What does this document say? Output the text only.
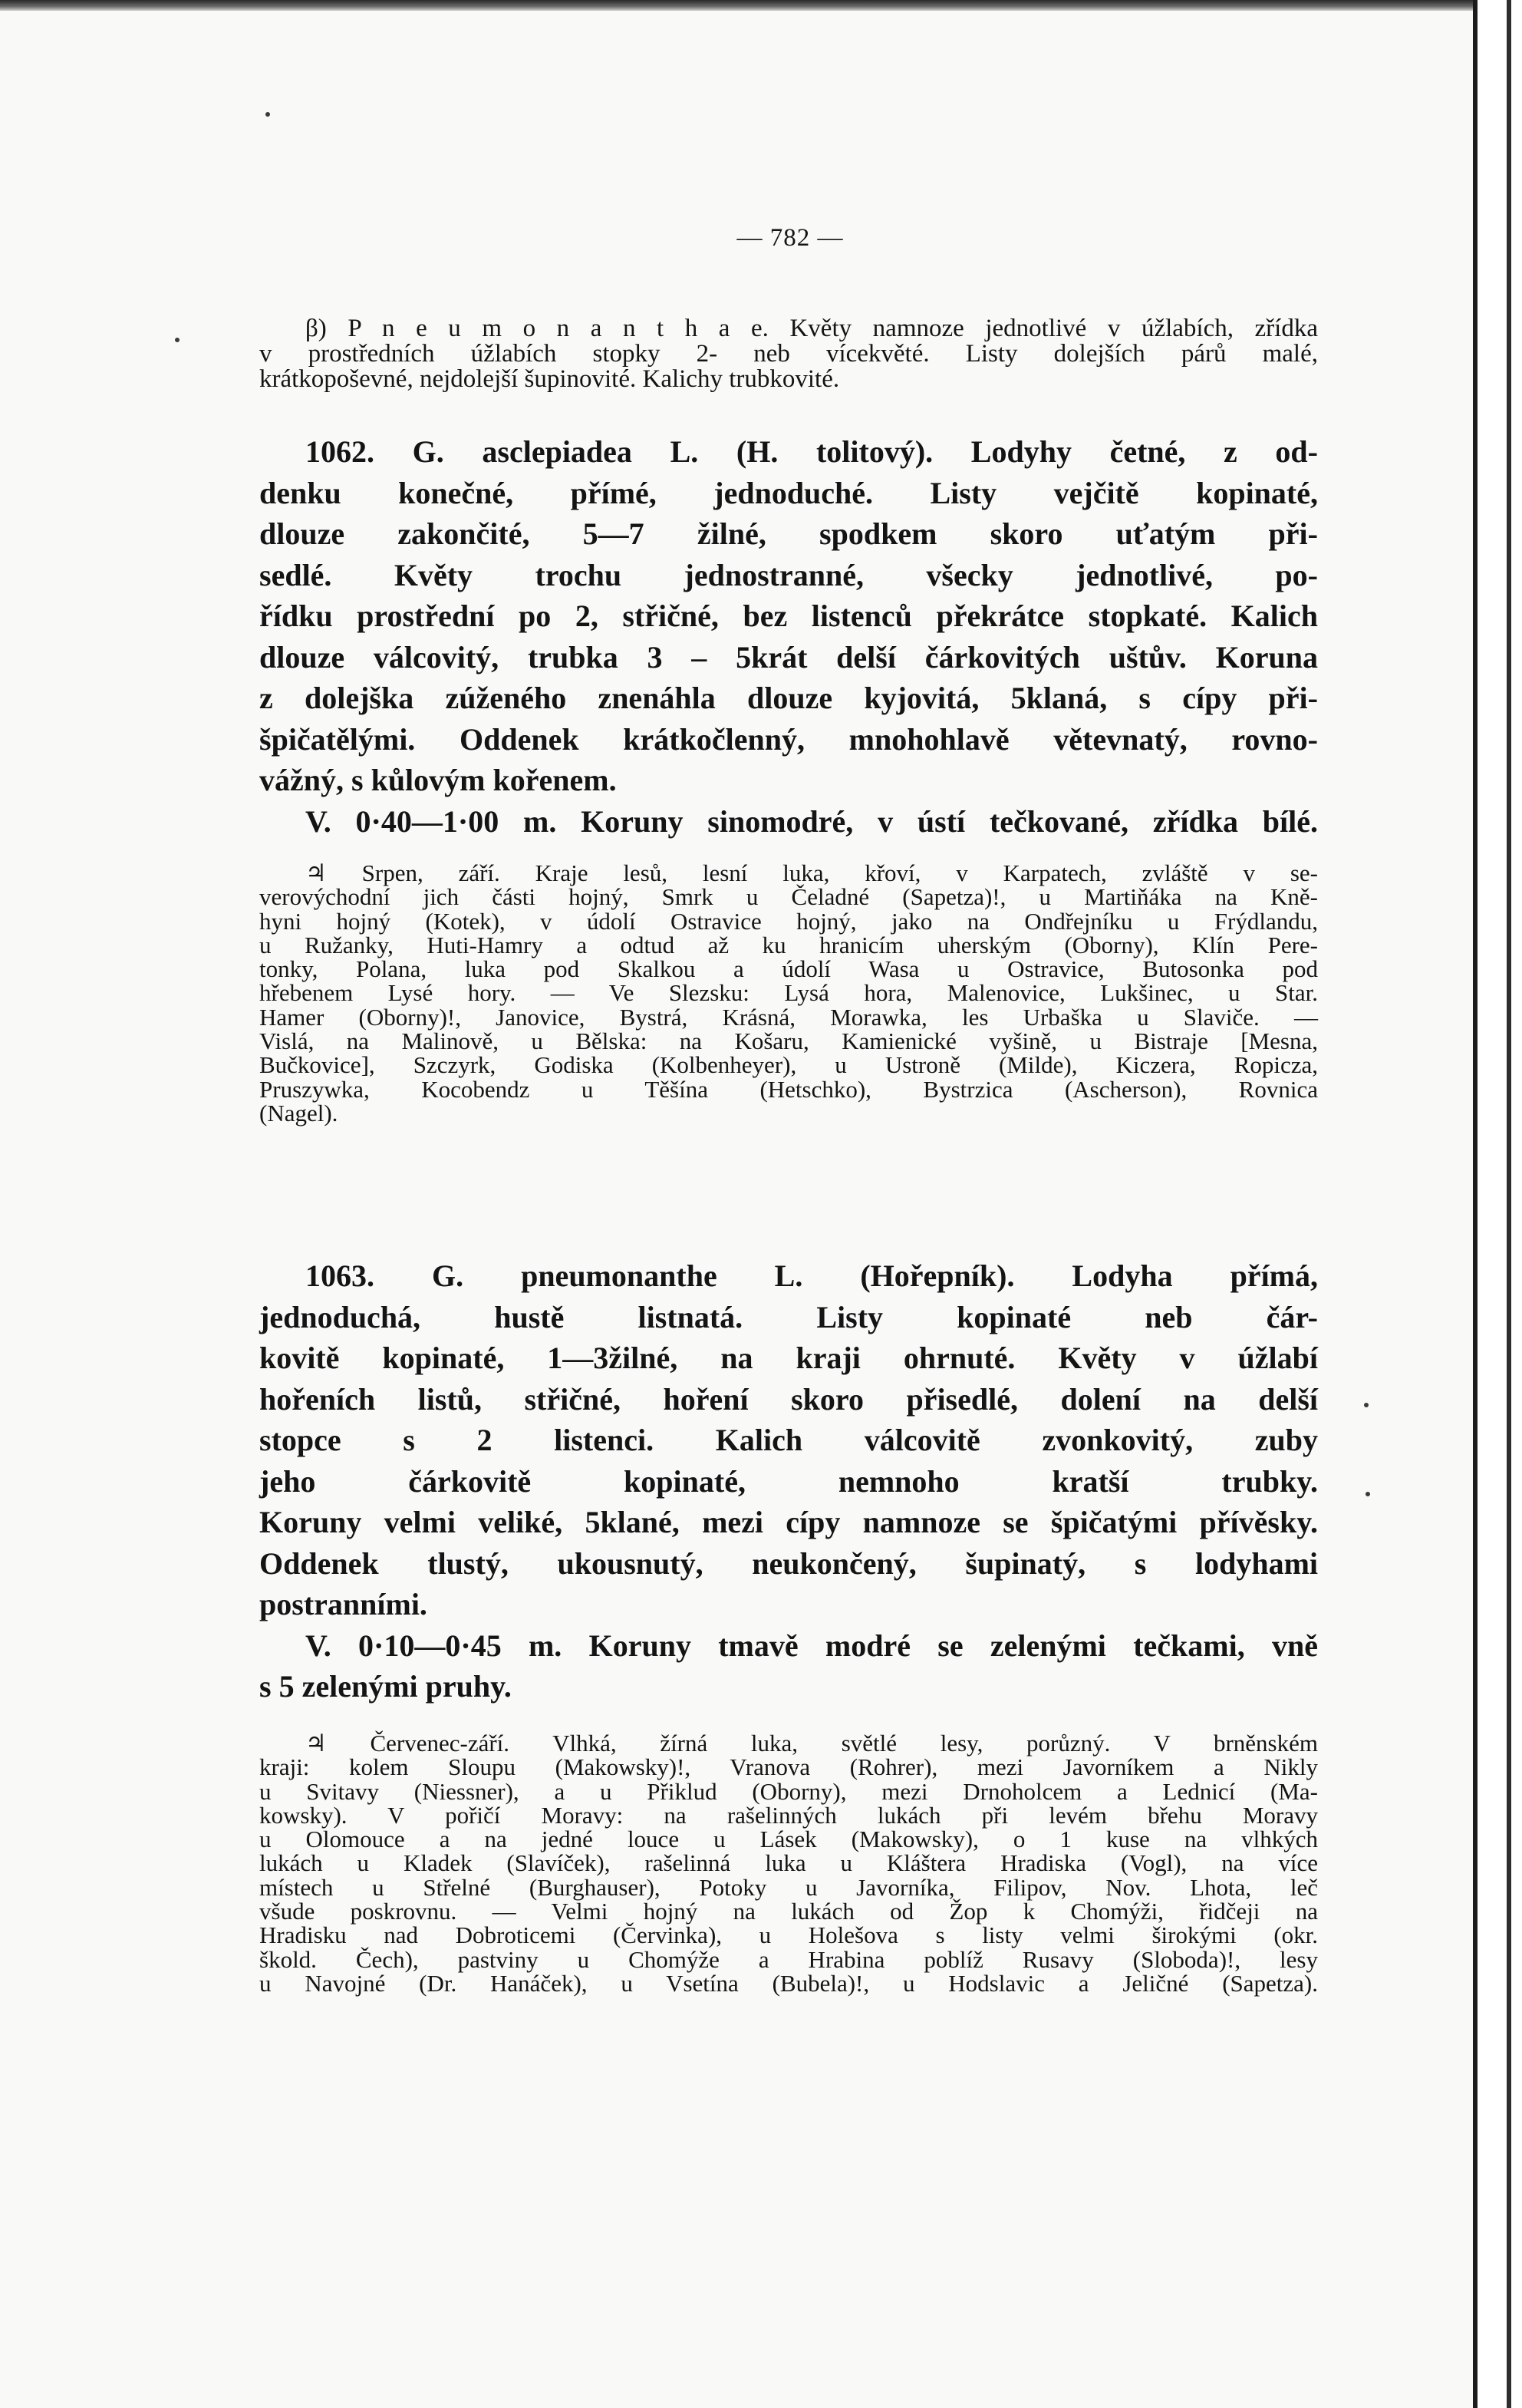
— 782 —
β) P n e u m o n a n t h a e. Květy namnoze jednotlivé v úžlabích, zřídka
v prostředních úžlabích stopky 2- neb vícekvěté. Listy dolejších párů malé,
krátkopoševné, nejdolejší šupinovité. Kalichy trubkovité.
1062. G. asclepiadea L. (H. tolitový). Lodyhy četné, z od-
denku konečné, přímé, jednoduché. Listy vejčitě kopinaté,
dlouze zakončité, 5—7 žilné, spodkem skoro uťatým při-
sedlé. Květy trochu jednostranné, všecky jednotlivé, po-
řídku prostřední po 2, střičné, bez listenců překrátce stopkaté. Kalich
dlouze válcovitý, trubka 3 – 5krát delší čárkovitých uštův. Koruna
z dolejška zúženého znenáhla dlouze kyjovitá, 5klaná, s cípy při-
špičatělými. Oddenek krátkočlenný, mnohohlavě větevnatý, rovno-
vážný, s kůlovým kořenem.
V. 0·40—1·00 m. Koruny sinomodré, v ústí tečkované, zřídka bílé.
♃ Srpen, září. Kraje lesů, lesní luka, křoví, v Karpatech, zvláště v se-
verovýchodní jich části hojný, Smrk u Čeladné (Sapetza)!, u Martiňáka na Kně-
hyni hojný (Kotek), v údolí Ostravice hojný, jako na Ondřejníku u Frýdlandu,
u Ružanky, Huti-Hamry a odtud až ku hranicím uherským (Oborny), Klín Pere-
tonky, Polana, luka pod Skalkou a údolí Wasa u Ostravice, Butosonka pod
hřebenem Lysé hory. — Ve Slezsku: Lysá hora, Malenovice, Lukšinec, u Star.
Hamer (Oborny)!, Janovice, Bystrá, Krásná, Morawka, les Urbaška u Slaviče. —
Vislá, na Malinově, u Bělska: na Košaru, Kamienické vyšině, u Bistraje [Mesna,
Bučkovice], Szczyrk, Godiska (Kolbenheyer), u Ustroně (Milde), Kiczera, Ropicza,
Pruszywka, Kocobendz u Těšína (Hetschko), Bystrzica (Ascherson), Rovnica
(Nagel).
1063. G. pneumonanthe L. (Hořepník). Lodyha přímá,
jednoduchá, hustě listnatá. Listy kopinaté neb čár-
kovitě kopinaté, 1—3žilné, na kraji ohrnuté. Květy v úžlabí
hořeních listů, střičné, hoření skoro přisedlé, dolení na delší
stopce s 2 listenci. Kalich válcovitě zvonkovitý, zuby
jeho čárkovitě kopinaté, nemnoho kratší trubky.
Koruny velmi veliké, 5klané, mezi cípy namnoze se špičatými přívěsky.
Oddenek tlustý, ukousnutý, neukončený, šupinatý, s lodyhami
postranními.
V. 0·10—0·45 m. Koruny tmavě modré se zelenými tečkami, vně
s 5 zelenými pruhy.
♃ Červenec-září. Vlhká, žírná luka, světlé lesy, porůzný. V brněnském
kraji: kolem Sloupu (Makowsky)!, Vranova (Rohrer), mezi Javorníkem a Nikly
u Svitavy (Niessner), a u Přiklud (Oborny), mezi Drnoholcem a Lednicí (Ma-
kowsky). V pořičí Moravy: na rašelinných lukách při levém břehu Moravy
u Olomouce a na jedné louce u Lásek (Makowsky), o 1 kuse na vlhkých
lukách u Kladek (Slavíček), rašelinná luka u Kláštera Hradiska (Vogl), na více
místech u Střelné (Burghauser), Potoky u Javorníka, Filipov, Nov. Lhota, leč
všude poskrovnu. — Velmi hojný na lukách od Žop k Chomýži, řidčeji na
Hradisku nad Dobroticemi (Červinka), u Holešova s listy velmi širokými (okr.
škold. Čech), pastviny u Chomýže a Hrabina poblíž Rusavy (Sloboda)!, lesy
u Navojné (Dr. Hanáček), u Vsetína (Bubela)!, u Hodslavic a Jeličné (Sapetza).
